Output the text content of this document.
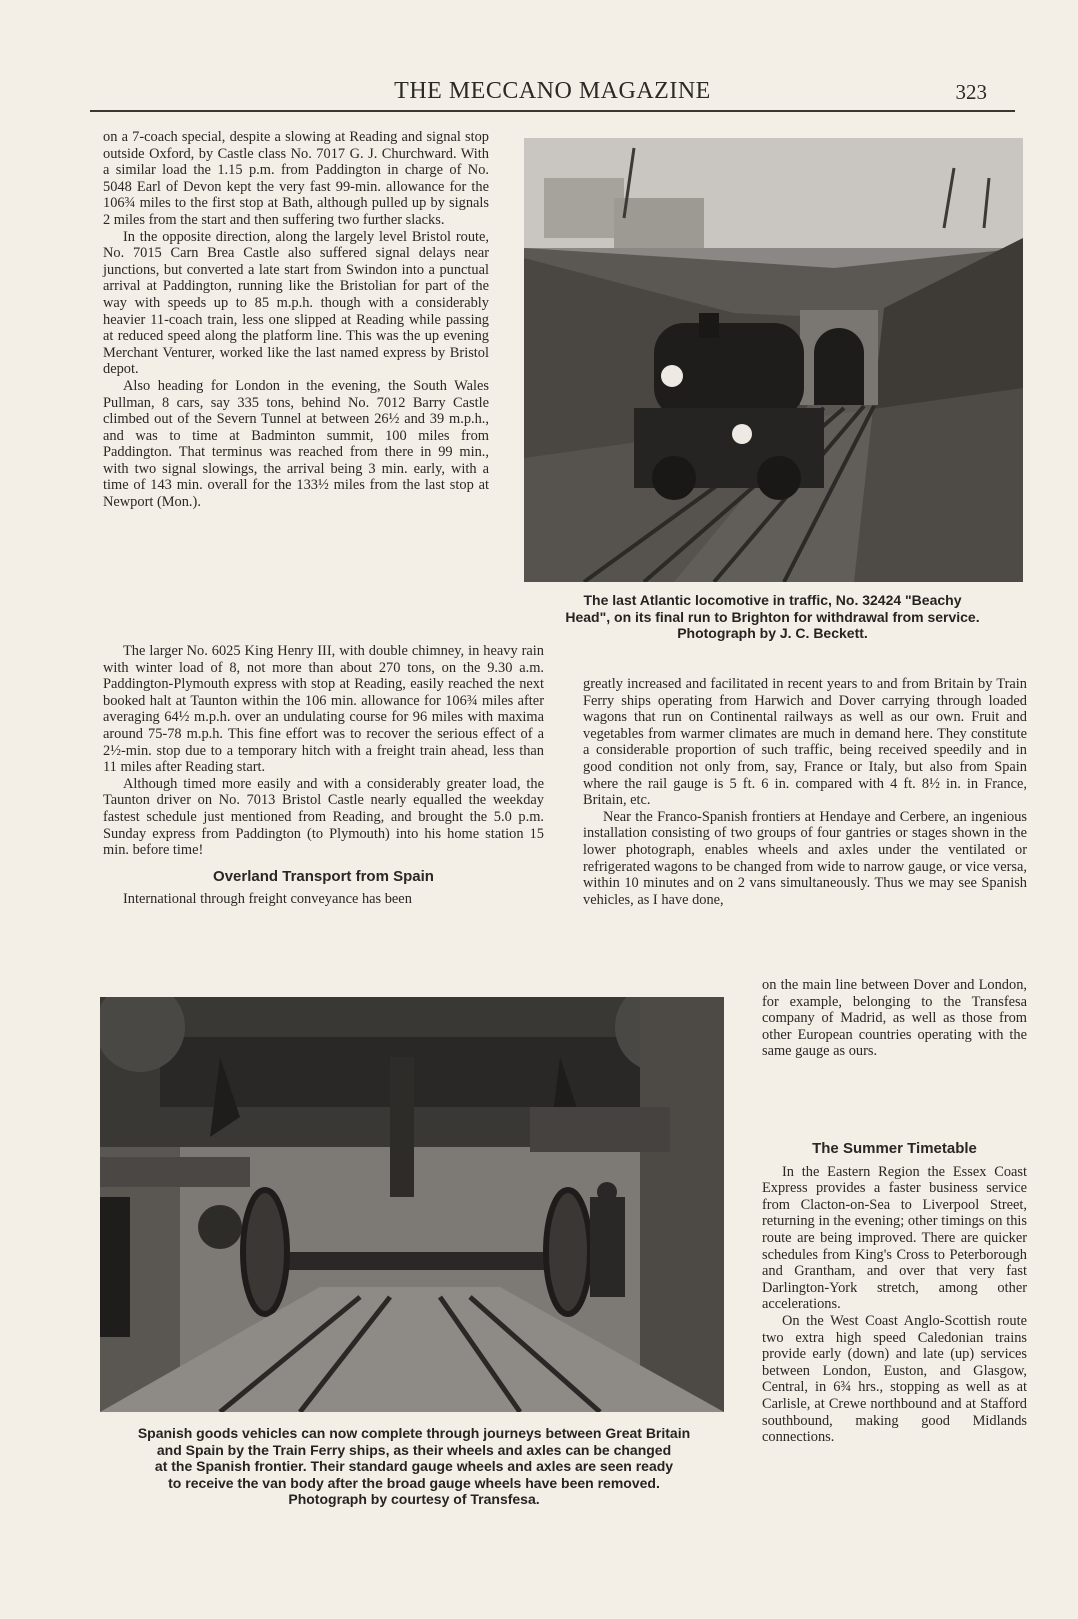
THE MECCANO MAGAZINE	323

on a 7-coach special, despite a slowing at Reading and signal stop outside Oxford, by Castle class No. 7017 G. J. Churchward. With a similar load the 1.15 p.m. from Paddington in charge of No. 5048 Earl of Devon kept the very fast 99-min. allowance for the 106¾ miles to the first stop at Bath, although pulled up by signals 2 miles from the start and then suffering two further slacks.

In the opposite direction, along the largely level Bristol route, No. 7015 Carn Brea Castle also suffered signal delays near junctions, but converted a late start from Swindon into a punctual arrival at Paddington, running like the Bristolian for part of the way with speeds up to 85 m.p.h. though with a considerably heavier 11-coach train, less one slipped at Reading while passing at reduced speed along the platform line. This was the up evening Merchant Venturer, worked like the last named express by Bristol depot.

Also heading for London in the evening, the South Wales Pullman, 8 cars, say 335 tons, behind No. 7012 Barry Castle climbed out of the Severn Tunnel at between 26½ and 39 m.p.h., and was to time at Badminton summit, 100 miles from Paddington. That terminus was reached from there in 99 min., with two signal slowings, the arrival being 3 min. early, with a time of 143 min. overall for the 133½ miles from the last stop at Newport (Mon.).

The last Atlantic locomotive in traffic, No. 32424 "Beachy

Head", on its final run to Brighton for withdrawal from service.

Photograph by J. C. Beckett.

The larger No. 6025 King Henry III, with double chimney, in heavy rain with winter load of 8, not more than about 270 tons, on the 9.30 a.m. Paddington-Plymouth express with stop at Reading, easily reached the next booked halt at Taunton within the 106 min. allowance for 106¾ miles after averaging 64½ m.p.h. over an undulating course for 96 miles with maxima around 75-78 m.p.h. This fine effort was to recover the serious effect of a 2½-min. stop due to a temporary hitch with a freight train ahead, less than 11 miles after Reading start.

Although timed more easily and with a considerably greater load, the Taunton driver on No. 7013 Bristol Castle nearly equalled the weekday fastest schedule just mentioned from Reading, and brought the 5.0 p.m. Sunday express from Paddington (to Plymouth) into his home station 15 min. before time!

Overland Transport from Spain

International through freight conveyance has been

greatly increased and facilitated in recent years to and from Britain by Train Ferry ships operating from Harwich and Dover carrying through loaded wagons that run on Continental railways as well as our own. Fruit and vegetables from warmer climates are much in demand here. They constitute a considerable proportion of such traffic, being received speedily and in good condition not only from, say, France or Italy, but also from Spain where the rail gauge is 5 ft. 6 in. compared with 4 ft. 8½ in. in France, Britain, etc.

Near the Franco-Spanish frontiers at Hendaye and Cerbere, an ingenious installation consisting of two groups of four gantries or stages shown in the lower photograph, enables wheels and axles under the ventilated or refrigerated wagons to be changed from wide to narrow gauge, or vice versa, within 10 minutes and on 2 vans simultaneously. Thus we may see Spanish vehicles, as I have done,

on the main line between Dover and London, for example, belonging to the Transfesa company of Madrid, as well as those from other European countries operating with the same gauge as ours.

The Summer Timetable

In the Eastern Region the Essex Coast Express provides a faster business service from Clacton-on-Sea to Liverpool Street, returning in the evening; other timings on this route are being improved. There are quicker schedules from King's Cross to Peterborough and Grantham, and over that very fast Darlington-York stretch, among other accelerations.

On the West Coast Anglo-Scottish route two extra high speed Caledonian trains provide early (down) and late (up) services between London, Euston, and Glasgow, Central, in 6¾ hrs., stopping as well as at Carlisle, at Crewe northbound and at Stafford southbound, making good Midlands connections.

Spanish goods vehicles can now complete through journeys between Great Britain

and Spain by the Train Ferry ships, as their wheels and axles can be changed

at the Spanish frontier. Their standard gauge wheels and axles are seen ready

to receive the van body after the broad gauge wheels have been removed.

Photograph by courtesy of Transfesa.
